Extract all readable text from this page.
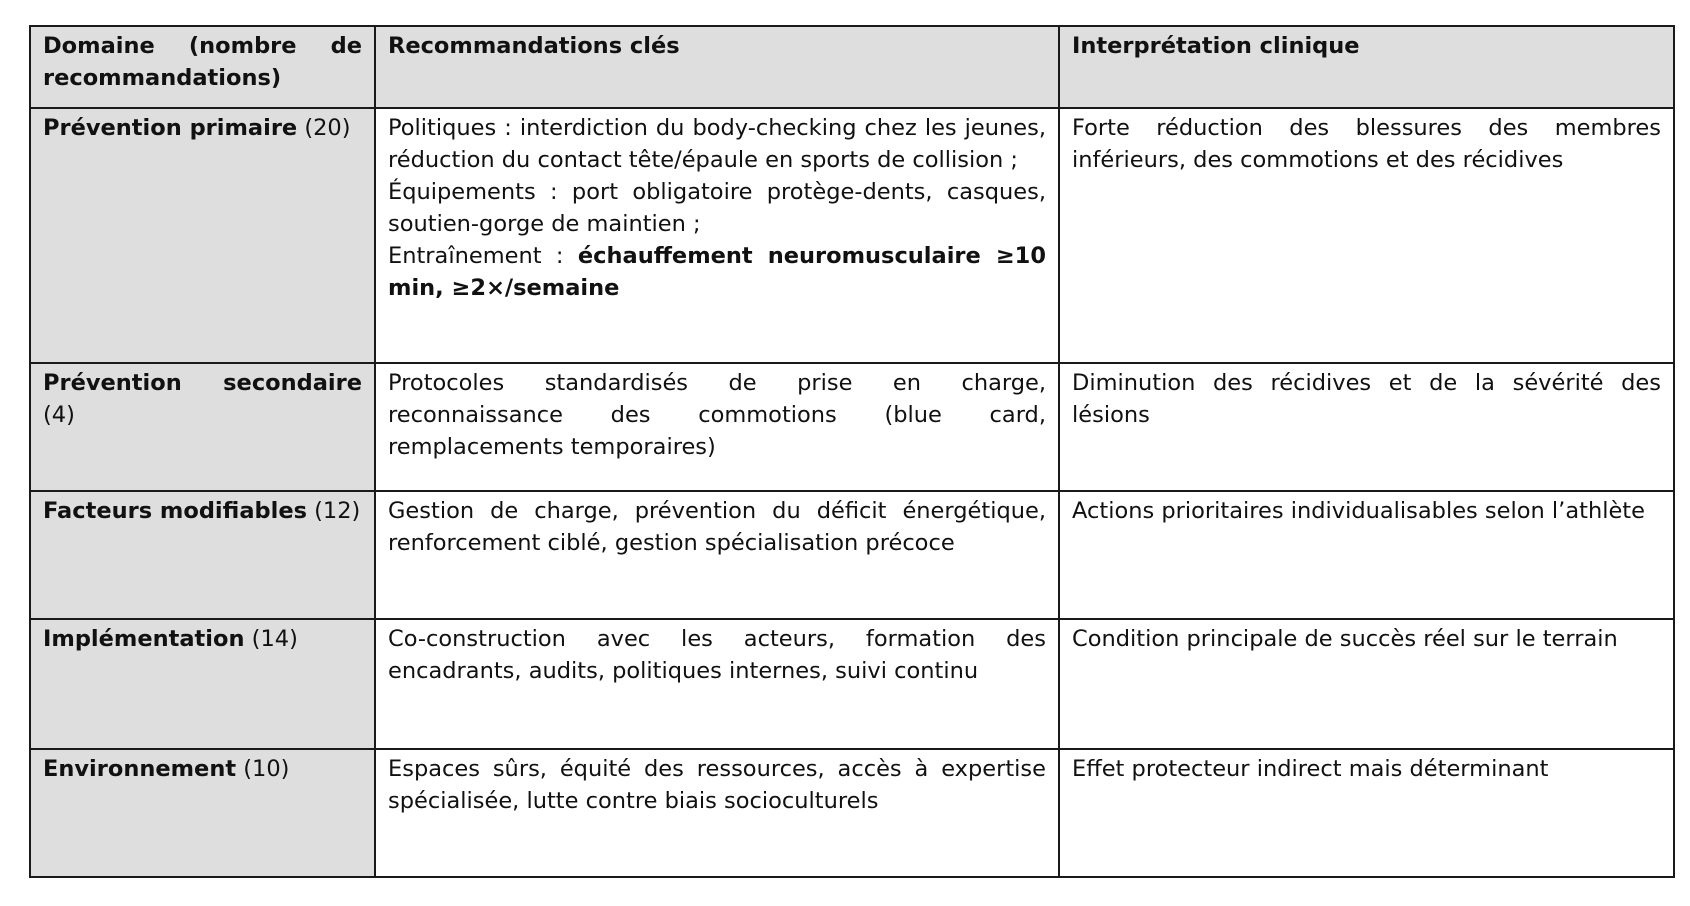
Domaine (nombre de recommandations)	Recommandations clés	Interprétation clinique

Prévention primaire (20)	Politiques : interdiction du body-checking chez les jeunes, réduction du contact tête/épaule en sports de collision ;
Équipements : port obligatoire protège-dents, casques, soutien-gorge de maintien ;
Entraînement : échauffement neuromusculaire ≥10 min, ≥2×/semaine	Forte réduction des blessures des membres inférieurs, des commotions et des récidives

Prévention secondaire (4)	Protocoles standardisés de prise en charge, reconnaissance des commotions (blue card, remplacements temporaires)	Diminution des récidives et de la sévérité des lésions

Facteurs modifiables (12)	Gestion de charge, prévention du déficit énergétique, renforcement ciblé, gestion spécialisation précoce	Actions prioritaires individualisables selon l’athlète

Implémentation (14)	Co-construction avec les acteurs, formation des encadrants, audits, politiques internes, suivi continu	Condition principale de succès réel sur le terrain

Environnement (10)	Espaces sûrs, équité des ressources, accès à expertise spécialisée, lutte contre biais socioculturels	Effet protecteur indirect mais déterminant
